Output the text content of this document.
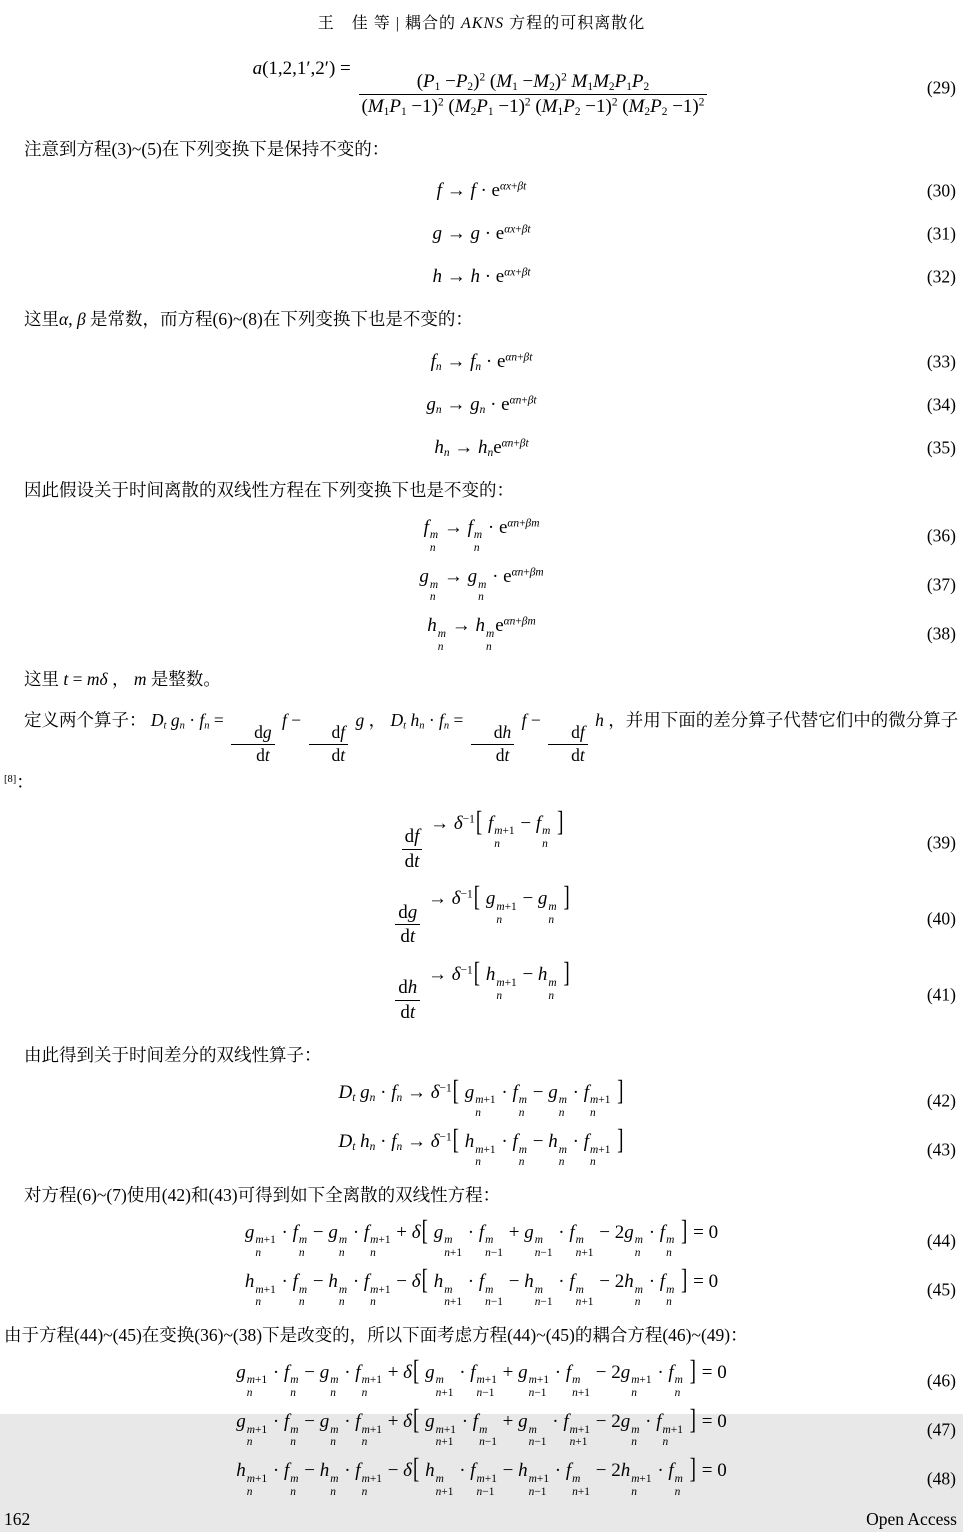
王　 佳 等 | 耦合的 AKNS 方程的可积离散化
a(1,2,1′,2′) =
$\frac{(P1 -P2)^2 (M1 -M2)^2 M1M2P1P2}{(M1P1 -1)^2 (M2P1 -1)^2 (M1P2 -1)^2 (M2P2 -1)^2}$	(29)

注意到方程(3)~(5)在下列变换下是保持不变的：

$f \to f \cdot e^{\alpha x+\beta t}$	(30)
$g \to g \cdot e^{\alpha x+\beta t}$	(31)
$h \to h \cdot e^{\alpha x+\beta t}$	(32)

这里α, β 是常数，而方程(6)~(8)在下列变换下也是不变的：

fn → fn · $e^{\alpha n+\beta t}$	(33)
gn → gn · $e^{\alpha n+\beta t}$	(34)
hn → hne$^{\alpha n+\beta t}$	(35)

因此假设关于时间离散的双线性方程在下列变换下也是不变的：

f m
n
→ f m
n
· $e^{\alpha n+\beta m}$
(36)
g m
n
→ g m
n
· $e^{\alpha n+\beta m}$
(37)
h m
n
→ h m
n
$e^{\alpha n+\beta m}$
(38)

这里 t = mδ ， m 是整数。

定义两个算子： Dt gn · fn =
$\frac{dg}{dt}$
f −
$\frac{df}{dt}$
g ， Dt hn · fn =
$\frac{dh}{dt}$
f −
$\frac{df}{dt}$
h ，并用下面的差分算子代替它们中的微分算子[8]：

$\frac{df}{dt}$
→ $\delta^{-1}$[ f m+1
n
− f m
n
]
(39)
$\frac{dg}{dt}$
→ $\delta^{-1}$[ g m+1
n
− g m
n
]
(40)
$\frac{dh}{dt}$
→ $\delta^{-1}$[ h m+1
n
− h m
n
]
(41)

由此得到关于时间差分的双线性算子：

Dt gn · fn → $\delta^{-1}$[ g m+1
n
· f m
n
− g m
n
· f m+1
n
]	(42)
Dt hn · fn → $\delta^{-1}$[ h m+1
n
· f m
n
− h m
n
· f m+1
n
]	(43)

对方程(6)~(7)使用(42)和(43)可得到如下全离散的双线性方程：

g m+1
n
· f m
n
− g m
n
· f m+1
n
+ δ[ g m
n+1
· f m
n−1
+ g m
n−1
· f m
n+1
− 2g m
n
· f m
n
] = 0	(44)
h m+1
n
· f m
n
− h m
n
· f m+1
n
− δ[ h m
n+1
· f m
n−1
− h m
n−1
· f m
n+1
− 2h m
n
· f m
n
] = 0	(45)

由于方程(44)~(45)在变换(36)~(38)下是改变的，所以下面考虑方程(44)~(45)的耦合方程(46)~(49)：

g m+1
n
· f m
n
− g m
n
· f m+1
n
+ δ[ g m
n+1
· f m+1
n−1
+ g m+1
n−1
· f m
n+1
− 2g m+1
n
· f m
n
] = 0	(46)
g m+1
n
· f m
n
− g m
n
· f m+1
n
+ δ[ g m+1
n+1
· f m
n−1
+ g m
n−1
· f m+1
n+1
− 2g m
n
· f m+1
n
] = 0	(47)
h m+1
n
· f m
n
− h m
n
· f m+1
n
− δ[ h m
n+1
· f m+1
n−1
− h m+1
n−1
· f m
n+1
− 2h m+1
n
· f m
n
] = 0	(48)
162	Open Access
